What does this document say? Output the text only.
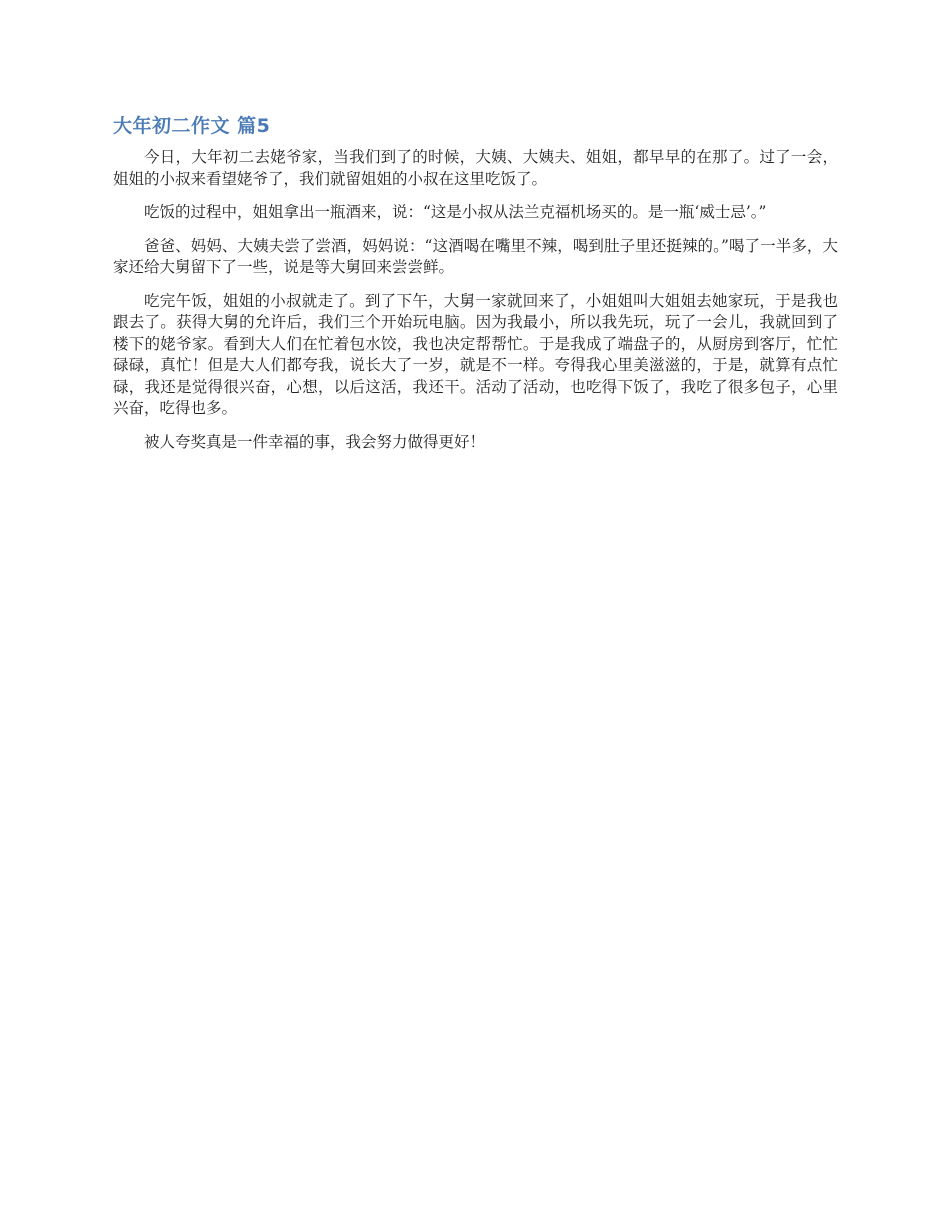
大年初二作文 篇5

今日，大年初二去姥爷家，当我们到了的时候，大姨、大姨夫、姐姐，都早早的在那了。过了一会，姐姐的小叔来看望姥爷了，我们就留姐姐的小叔在这里吃饭了。

吃饭的过程中，姐姐拿出一瓶酒来，说：“这是小叔从法兰克福机场买的。是一瓶‘威士忌’。”

爸爸、妈妈、大姨夫尝了尝酒，妈妈说：“这酒喝在嘴里不辣，喝到肚子里还挺辣的。”喝了一半多，大家还给大舅留下了一些，说是等大舅回来尝尝鲜。

吃完午饭，姐姐的小叔就走了。到了下午，大舅一家就回来了，小姐姐叫大姐姐去她家玩，于是我也跟去了。获得大舅的允许后，我们三个开始玩电脑。因为我最小，所以我先玩，玩了一会儿，我就回到了楼下的姥爷家。看到大人们在忙着包水饺，我也决定帮帮忙。于是我成了端盘子的，从厨房到客厅，忙忙碌碌，真忙！但是大人们都夸我，说长大了一岁，就是不一样。夸得我心里美滋滋的，于是，就算有点忙碌，我还是觉得很兴奋，心想，以后这活，我还干。活动了活动，也吃得下饭了，我吃了很多包子，心里兴奋，吃得也多。

被人夸奖真是一件幸福的事，我会努力做得更好！
